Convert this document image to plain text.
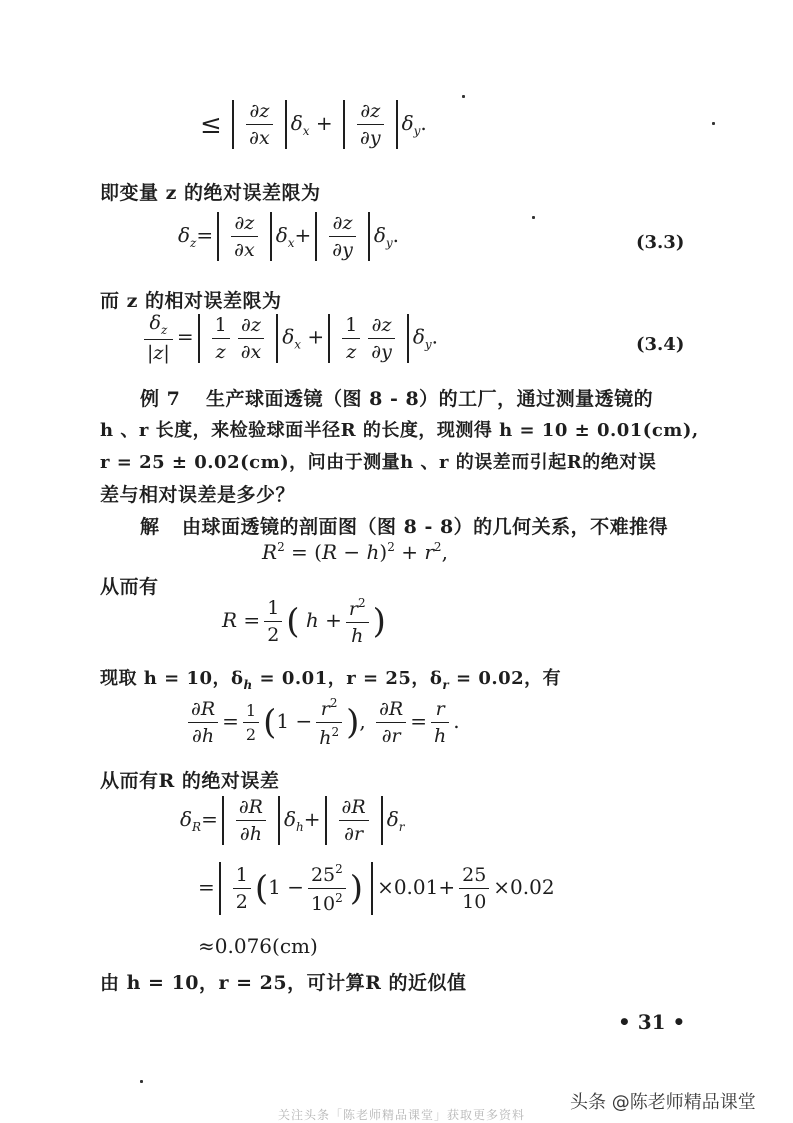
≤ $\frac{\partial z}{\partial x} \delta_x + \frac{\partial z}{\partial y} \delta_y$.
即变量 z 的绝对误差限为
$\delta_z= \frac{\partial z}{\partial x} \delta_x+ \frac{\partial z}{\partial y} \delta_y$.	(3.3)
而 z 的相对误差限为
$\frac{\delta_z}{|z|} = \frac{1}{z} \frac{\partial z}{\partial x} \delta_x + \frac{1}{z} \frac{\partial z}{\partial y} \delta_y$.	(3.4)
例 7 生产球面透镜（图 8 - 8）的工厂，通过测量透镜的
h 、r 长度，来检验球面半径R 的长度，现测得 h = 10 ± 0.01(cm),
r = 25 ± 0.02(cm)，问由于测量h 、r 的误差而引起R的绝对误
差与相对误差是多少？
解 由球面透镜的剖面图（图 8 - 8）的几何关系，不难推得
$R^2 = (R - h)^2 + r^2$,
从而有
$R = \frac{1}{2}$ ( $h + \frac{r^2}{h}$ )
现取 h = 10，$\delta_h = 0.01$，r = 25，$\delta_r = 0.02$，有
$\frac{\partial R}{\partial h} = \frac{1}{2} (1 - \frac{r^2}{h^2}$ ), $\frac{\partial R}{\partial r} = \frac{r}{h}$ .
从而有R 的绝对误差
$\delta_R= \frac{\partial R}{\partial h} \delta_h+ \frac{\partial R}{\partial r} \delta_r$
= $\frac{1}{2} (1 - \frac{25^2}{10^2}$ ) $\times 0.01+ \frac{25}{10} \times 0.02$
≈0.076(cm)
由 h = 10，r = 25，可计算R 的近似值
• 31 •
头条 @陈老师精品课堂
关注头条「陈老师精品课堂」获取更多资料
